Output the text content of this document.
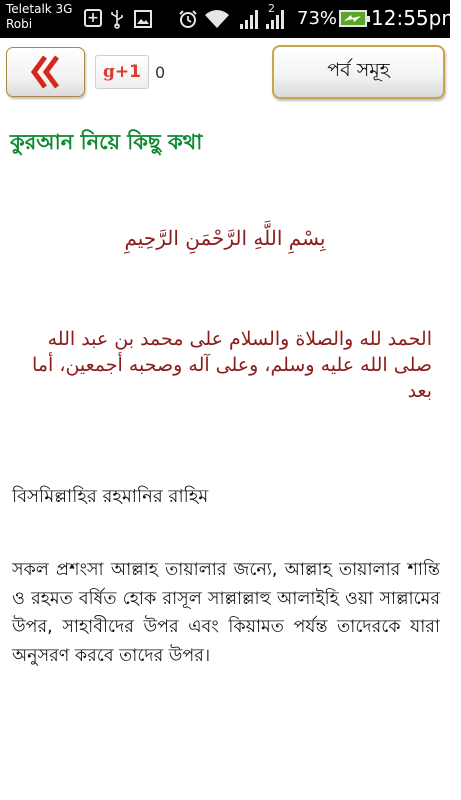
Teletalk 3G
Robi	+
2 73% 12:55pm
g +1 0	পর্ব সমূহ
কুরআন নিয়ে কিছু কথা
بِسْمِ اللَّهِ الرَّحْمَنِ الرَّحِيمِ
الحمد لله والصلاة والسلام على محمد بن عبد الله صلى الله عليه وسلم، وعلى آله وصحبه أجمعين، أما بعد
বিসমিল্লাহির রহমানির রাহিম
সকল প্রশংসা আল্লাহ তায়ালার জন্যে, আল্লাহ তায়ালার শান্তি ও রহমত বর্ষিত হোক রাসূল সাল্লাল্লাহু আলাইহি ওয়া সাল্লামের উপর, সাহাবীদের উপর এবং কিয়ামত পর্যন্ত তাদেরকে যারা অনুসরণ করবে তাদের উপর।
